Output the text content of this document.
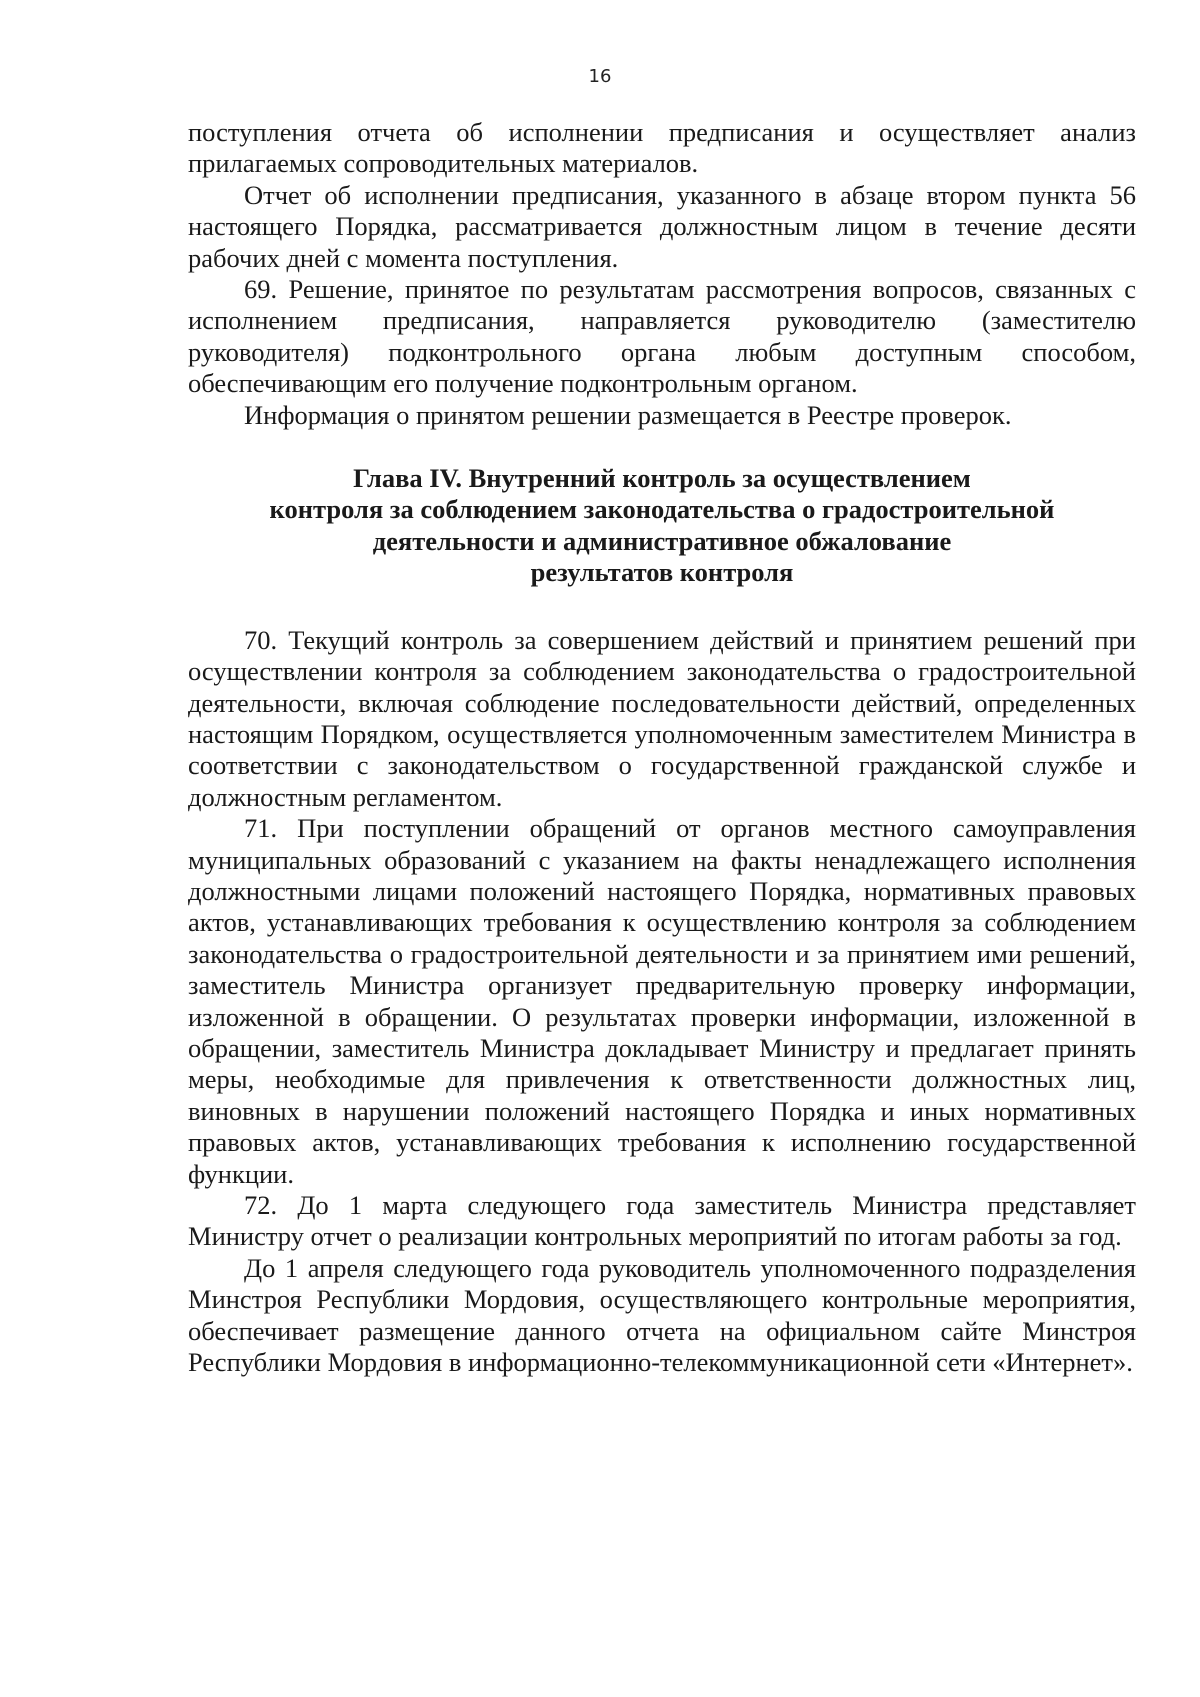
16

поступления отчета об исполнении предписания и осуществляет анализ прилагаемых сопроводительных материалов.

Отчет об исполнении предписания, указанного в абзаце втором пункта 56 настоящего Порядка, рассматривается должностным лицом в течение десяти рабочих дней с момента поступления.

69. Решение, принятое по результатам рассмотрения вопросов, связанных с исполнением предписания, направляется руководителю (заместителю руководителя) подконтрольного органа любым доступным способом, обеспечивающим его получение подконтрольным органом.

Информация о принятом решении размещается в Реестре проверок.

Глава IV. Внутренний контроль за осуществлением
контроля за соблюдением законодательства о градостроительной
деятельности и административное обжалование
результатов контроля

70. Текущий контроль за совершением действий и принятием решений при осуществлении контроля за соблюдением законодательства о градостроительной деятельности, включая соблюдение последовательности действий, определенных настоящим Порядком, осуществляется уполномоченным заместителем Министра в соответствии с законодательством о государственной гражданской службе и должностным регламентом.

71. При поступлении обращений от органов местного самоуправления муниципальных образований с указанием на факты ненадлежащего исполнения должностными лицами положений настоящего Порядка, нормативных правовых актов, устанавливающих требования к осуществлению контроля за соблюдением законодательства о градостроительной деятельности и за принятием ими решений, заместитель Министра организует предварительную проверку информации, изложенной в обращении. О результатах проверки информации, изложенной в обращении, заместитель Министра докладывает Министру и предлагает принять меры, необходимые для привлечения к ответственности должностных лиц, виновных в нарушении положений настоящего Порядка и иных нормативных правовых актов, устанавливающих требования к исполнению государственной функции.

72. До 1 марта следующего года заместитель Министра представляет Министру отчет о реализации контрольных мероприятий по итогам работы за год.

До 1 апреля следующего года руководитель уполномоченного подразделения Минстроя Республики Мордовия, осуществляющего контрольные мероприятия, обеспечивает размещение данного отчета на официальном сайте Минстроя Республики Мордовия в информационно-телекоммуникационной сети «Интернет».
